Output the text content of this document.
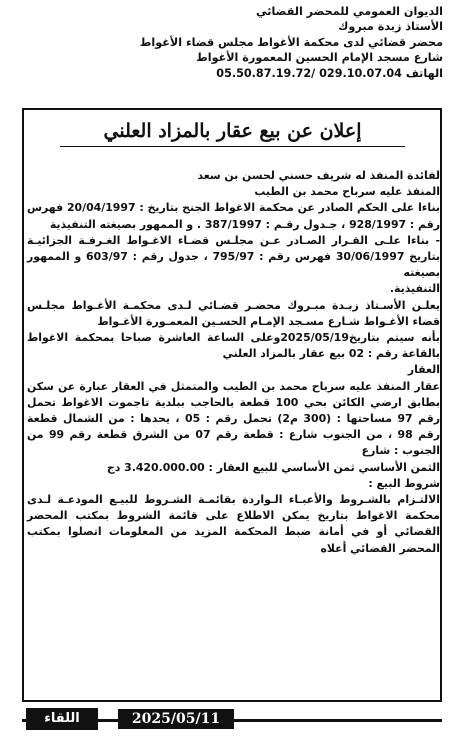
الديوان العمومي للمحضر القضائي
الأستاذ زبدة مبروك
محضر قضائي لدى محكمة الأغواط مجلس قضاء الأغواط
شارع مسجد الإمام الحسين المعمورة الأغواط
الهاتف 05.50.87.19.72/ 029.10.07.04
إعلان عن بيع عقار بالمزاد العلني

لفائدة المنفذ له شريف حسني لحسن بن سعد

المنفذ عليه سرباح محمد بن الطيب

بناءا على الحكم الصادر عن محكمة الاغواط الجنح بتاريخ : 20/04/1997 فهرس رقم : 928/1997 ، جـدول رقـم : 387/1997 . و الممهور بصيغته التنفيذية

- بناءا علـى القـرار الصـادر عـن مجلـس قضـاء الاغـواط الغـرفـة الجزائيـة بتاريخ 30/06/1997 فهرس رقم : 795/97 ، جدول رقم : 603/97 و الممهور بصيغته

التنفيذية.

يعلـن الأسـتاذ زبـدة مبـروك محضـر قضـائي لـدى محكمـة الأغـواط مجلـس قضاء الأغـواط شـارع مسـجد الإمـام الحسـين المعمـورة الأغـواط

بأنه سيتم بتاريخ2025/05/19وعلى الساعة العاشرة صباحا بمحكمة الاغواط بالقاعة رقم : 02 بيع عقار بالمزاد العلني

العقار

عقار المنفذ عليه سرباح محمد بن الطيب والمتمثل في العقار عبارة عن سكن بطابق ارضي الكائن بحي 100 قطعة بالحاجب ببلدية تاجموت الاغواط تحمل رقم 97 مساحتها : (300 م2) تحمل رقم : 05 ، يحدها : من الشمال قطعة رقم 98 ، من الجنوب شارع : قطعة رقم 07 من الشرق قطعة رقم 99 من الجنوب : شارع

الثمن الأساسي ثمن الأساسي للبيع العقار : 3.420.000.00 دج

شروط البيع :

الالتـزام بالشـروط والأعبـاء الـواردة بقائمـة الشـروط للبيـع المودعـة لـدى محكمة الاغواط بتاريخ يمكن الاطلاع على قائمة الشروط بمكتب المحضر القضائي أو في أمانة ضبط المحكمة المزيد من المعلومات اتصلوا بمكتب المحضر القضائي أعلاه

اللقاء	2025/05/11
